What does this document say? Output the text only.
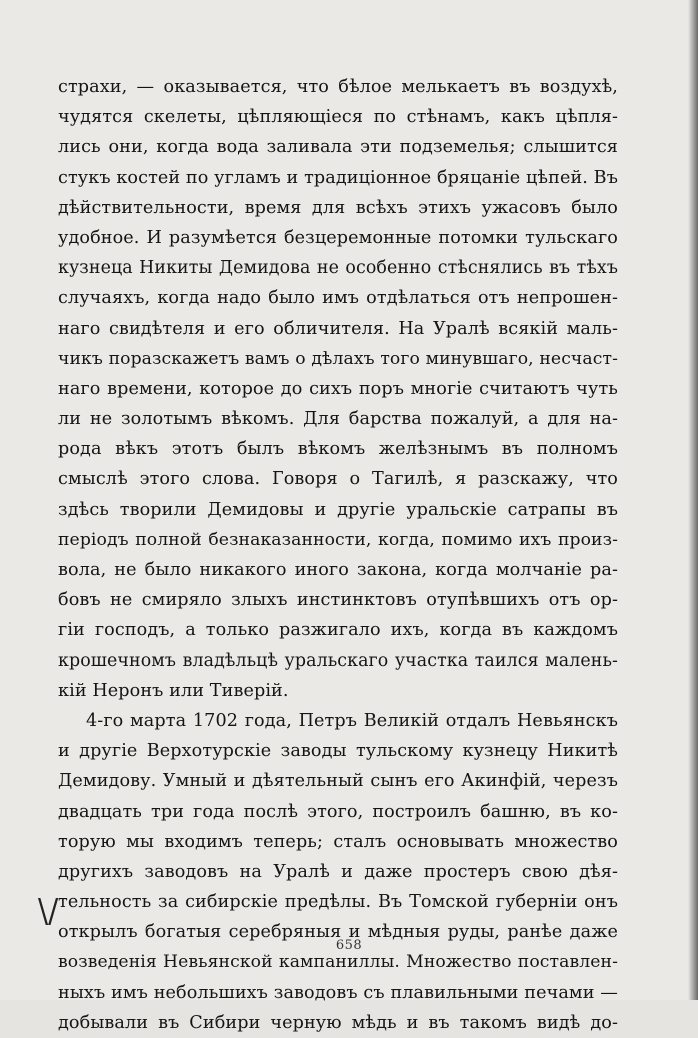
страхи, — оказывается, что бѣлое мелькаетъ въ воздухѣ,
чудятся скелеты, цѣпляющіеся по стѣнамъ, какъ цѣпля-
лись они, когда вода заливала эти подземелья; слышится
стукъ костей по угламъ и традиціонное бряцаніе цѣпей. Въ
дѣйствительности, время для всѣхъ этихъ ужасовъ было
удобное. И разумѣется безцеремонные потомки тульскаго
кузнеца Никиты Демидова не особенно стѣснялись въ тѣхъ
случаяхъ, когда надо было имъ отдѣлаться отъ непрошен-
наго свидѣтеля и его обличителя. На Уралѣ всякій маль-
чикъ поразскажетъ вамъ о дѣлахъ того минувшаго, несчаст-
наго времени, которое до сихъ поръ многіе считаютъ чуть
ли не золотымъ вѣкомъ. Для барства пожалуй, а для на-
рода вѣкъ этотъ былъ вѣкомъ желѣзнымъ въ полномъ
смыслѣ этого слова. Говоря о Тагилѣ, я разскажу, что
здѣсь творили Демидовы и другіе уральскіе сатрапы въ
періодъ полной безнаказанности, когда, помимо ихъ произ-
вола, не было никакого иного закона, когда молчаніе ра-
бовъ не смиряло злыхъ инстинктовъ отупѣвшихъ отъ ор-
гіи господъ, а только разжигало ихъ, когда въ каждомъ
крошечномъ владѣльцѣ уральскаго участка таился малень-
кій Неронъ или Тиверій.
4-го марта 1702 года, Петръ Великій отдалъ Невьянскъ
и другіе Верхотурскіе заводы тульскому кузнецу Никитѣ
Демидову. Умный и дѣятельный сынъ его Акинфій, черезъ
двадцать три года послѣ этого, построилъ башню, въ ко-
торую мы входимъ теперь; сталъ основывать множество
другихъ заводовъ на Уралѣ и даже простеръ свою дѣя-
тельность за сибирскіе предѣлы. Въ Томской губерніи онъ
открылъ богатыя серебряныя и мѣдныя руды, ранѣе даже
возведенія Невьянской кампаниллы. Множество поставлен-
ныхъ имъ небольшихъ заводовъ съ плавильными печами —
добывали въ Сибири черную мѣдь и въ такомъ видѣ до-
\/
658
